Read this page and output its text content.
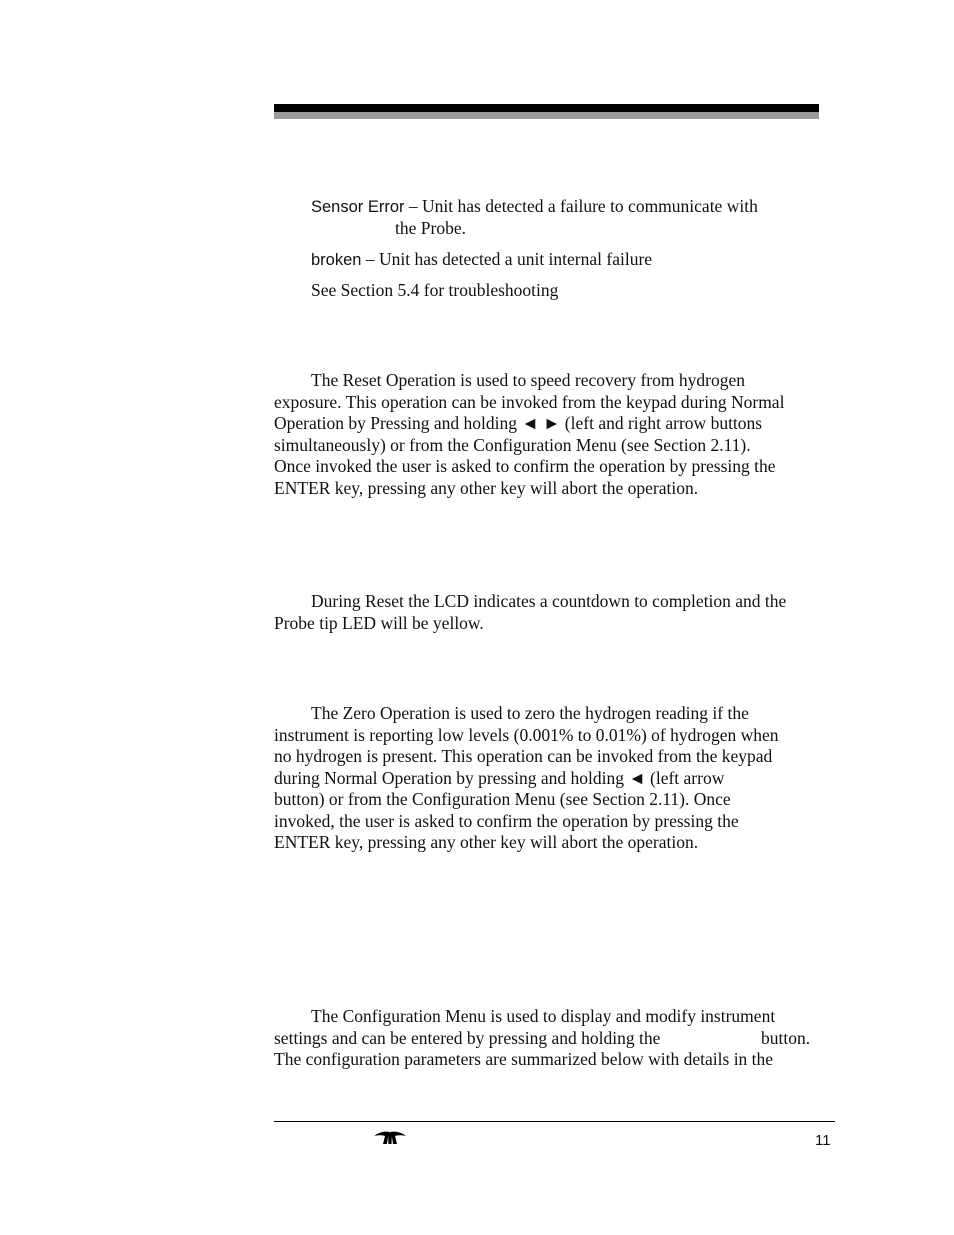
Sensor Error – Unit has detected a failure to communicate with
the Probe.
broken – Unit has detected a unit internal failure
See Section 5.4 for troubleshooting
The Reset Operation is used to speed recovery from hydrogen
exposure. This operation can be invoked from the keypad during Normal
Operation by Pressing and holding ◄ ► (left and right arrow buttons
simultaneously) or from the Configuration Menu (see Section 2.11).
Once invoked the user is asked to confirm the operation by pressing the
ENTER key, pressing any other key will abort the operation.
During Reset the LCD indicates a countdown to completion and the
Probe tip LED will be yellow.
The Zero Operation is used to zero the hydrogen reading if the
instrument is reporting low levels (0.001% to 0.01%) of hydrogen when
no hydrogen is present. This operation can be invoked from the keypad
during Normal Operation by pressing and holding ◄ (left arrow
button) or from the Configuration Menu (see Section 2.11). Once
invoked, the user is asked to confirm the operation by pressing the
ENTER key, pressing any other key will abort the operation.
The Configuration Menu is used to display and modify instrument
settings and can be entered by pressing and holding the	button.
The configuration parameters are summarized below with details in the
11
